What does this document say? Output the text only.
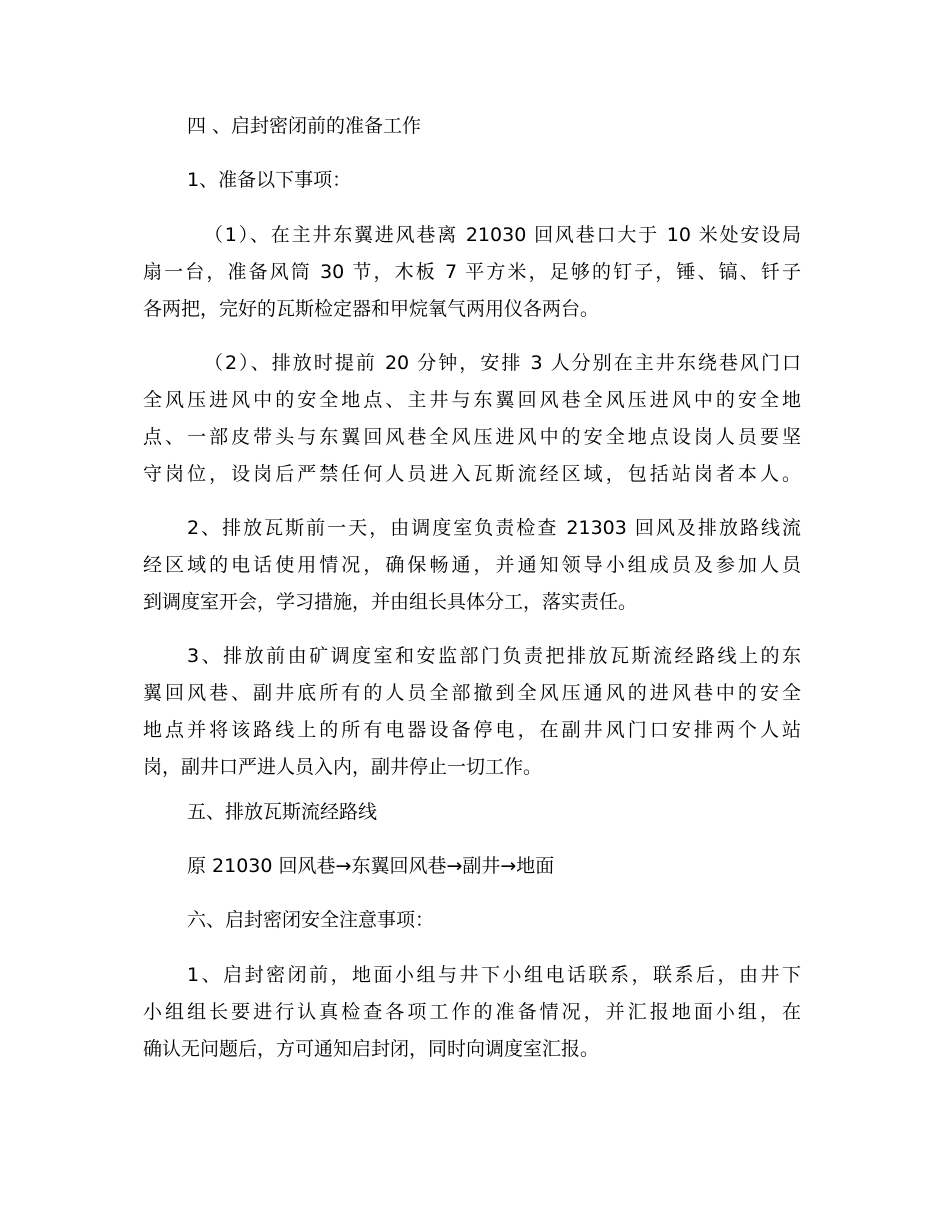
四 、启封密闭前的准备工作
1、准备以下事项：
（1）、在主井东翼进风巷离 21030 回风巷口大于 10 米处安设局
扇一台，准备风筒 30 节，木板 7 平方米，足够的钉子，锤、镐、钎子
各两把，完好的瓦斯检定器和甲烷氧气两用仪各两台。
（2）、排放时提前 20 分钟，安排 3 人分别在主井东绕巷风门口
全风压进风中的安全地点、主井与东翼回风巷全风压进风中的安全地
点、一部皮带头与东翼回风巷全风压进风中的安全地点设岗人员要坚
守岗位，设岗后严禁任何人员进入瓦斯流经区域，包括站岗者本人。
2、排放瓦斯前一天，由调度室负责检查 21303 回风及排放路线流
经区域的电话使用情况，确保畅通，并通知领导小组成员及参加人员
到调度室开会，学习措施，并由组长具体分工，落实责任。
3、排放前由矿调度室和安监部门负责把排放瓦斯流经路线上的东
翼回风巷、副井底所有的人员全部撤到全风压通风的进风巷中的安全
地点并将该路线上的所有电器设备停电，在副井风门口安排两个人站
岗，副井口严进人员入内，副井停止一切工作。
五、排放瓦斯流经路线
原 21030 回风巷→东翼回风巷→副井→地面
六、启封密闭安全注意事项：
1、启封密闭前，地面小组与井下小组电话联系，联系后，由井下
小组组长要进行认真检查各项工作的准备情况，并汇报地面小组，在
确认无问题后，方可通知启封闭，同时向调度室汇报。
